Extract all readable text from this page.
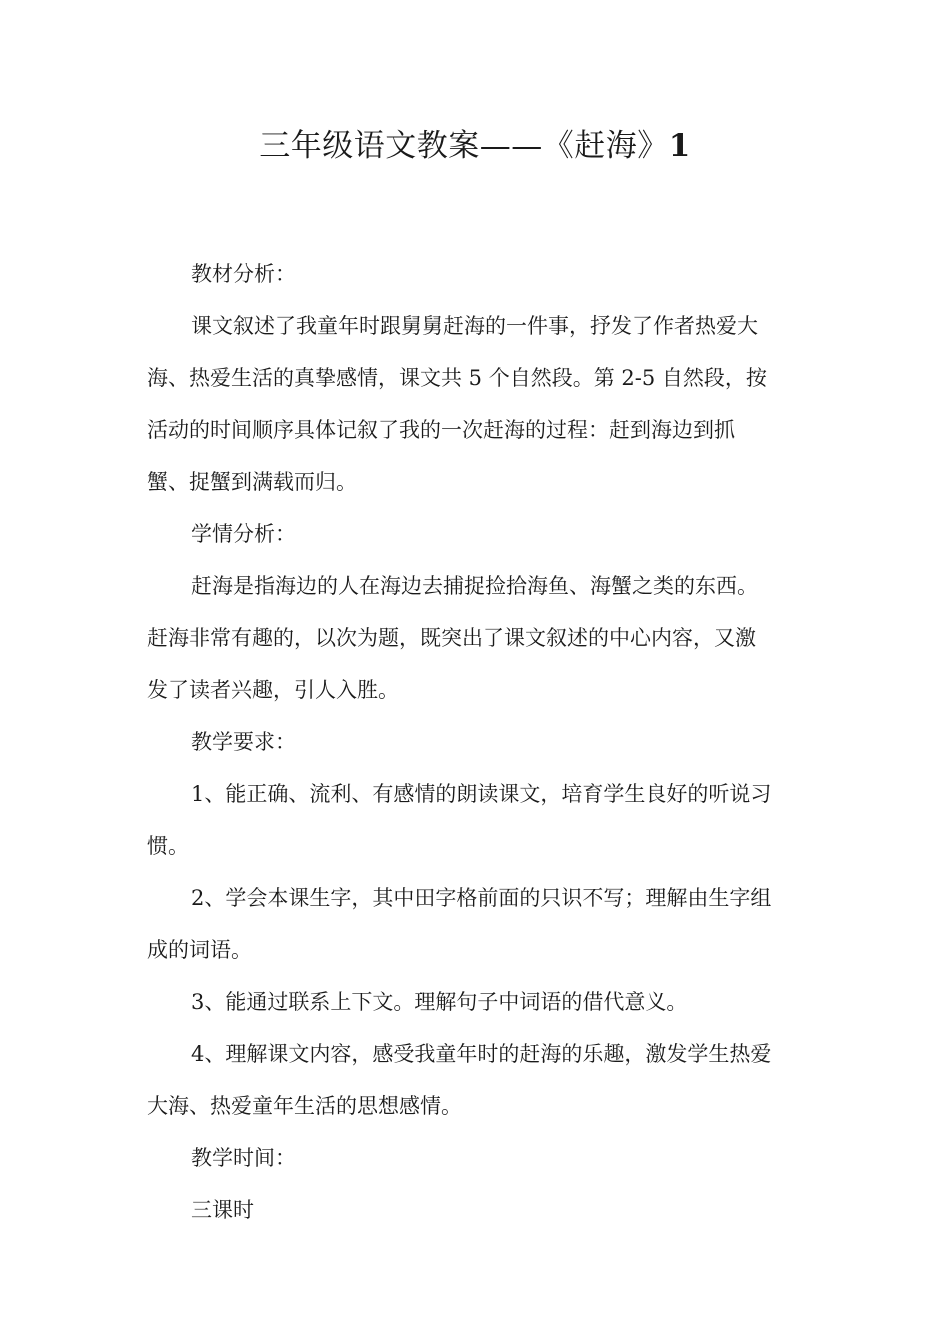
三年级语文教案——《赶海》1
教材分析：
课文叙述了我童年时跟舅舅赶海的一件事，抒发了作者热爱大
海、热爱生活的真挚感情，课文共 5 个自然段。第 2-5 自然段，按
活动的时间顺序具体记叙了我的一次赶海的过程：赶到海边到抓
蟹、捉蟹到满载而归。
学情分析：
赶海是指海边的人在海边去捕捉捡拾海鱼、海蟹之类的东西。
赶海非常有趣的，以次为题，既突出了课文叙述的中心内容，又激
发了读者兴趣，引人入胜。
教学要求：
1、能正确、流利、有感情的朗读课文，培育学生良好的听说习
惯。
2、学会本课生字，其中田字格前面的只识不写；理解由生字组
成的词语。
3、能通过联系上下文。理解句子中词语的借代意义。
4、理解课文内容，感受我童年时的赶海的乐趣，激发学生热爱
大海、热爱童年生活的思想感情。
教学时间：
三课时
